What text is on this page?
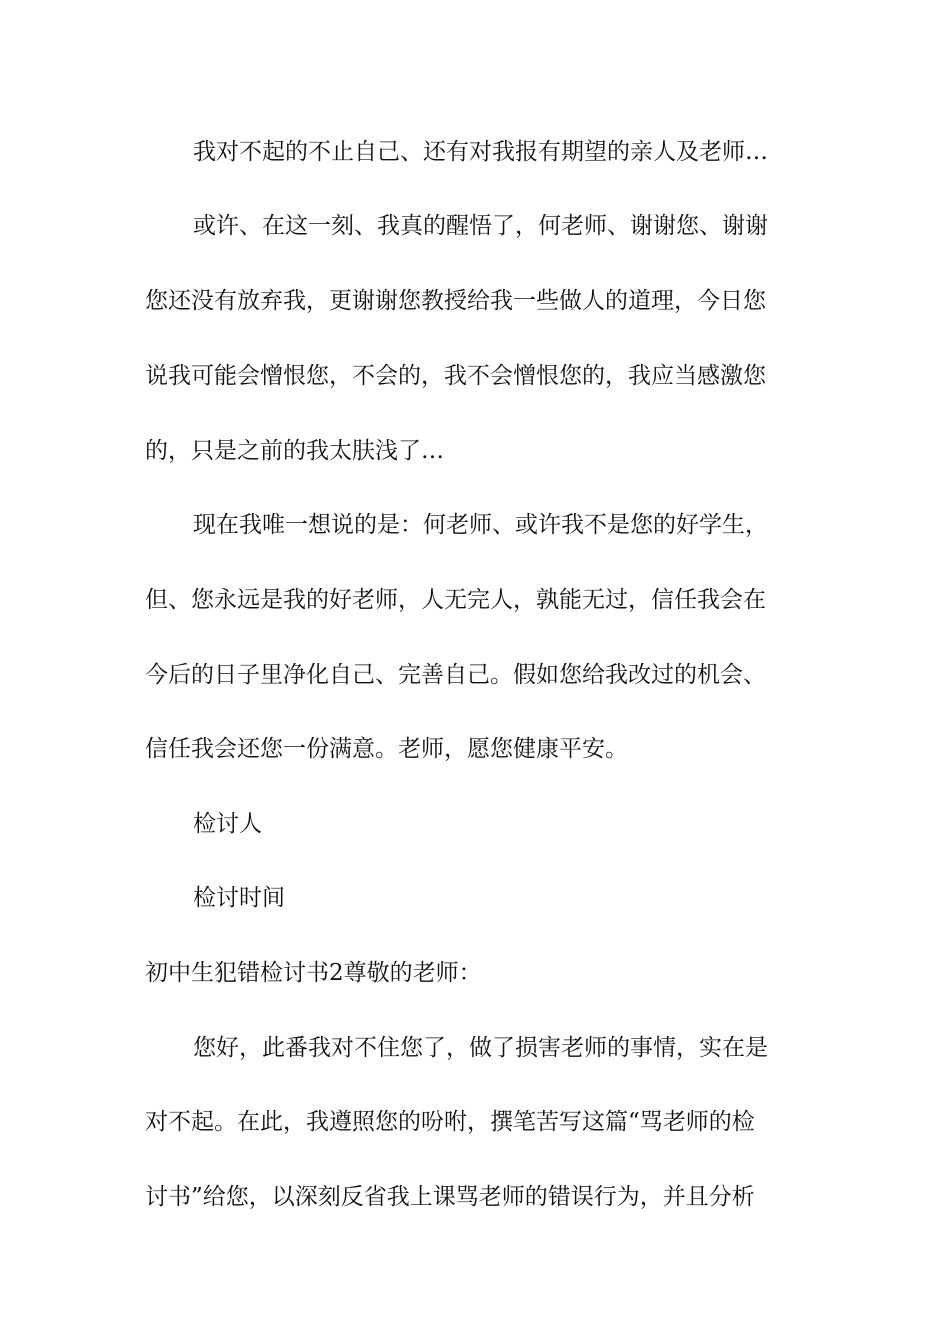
我对不起的不止自己、还有对我报有期望的亲人及老师…
或许、在这一刻、我真的醒悟了，何老师、谢谢您、谢谢
您还没有放弃我，更谢谢您教授给我一些做人的道理，今日您
说我可能会憎恨您，不会的，我不会憎恨您的，我应当感激您
的，只是之前的我太肤浅了…
现在我唯一想说的是：何老师、或许我不是您的好学生，
但、您永远是我的好老师，人无完人，孰能无过，信任我会在
今后的日子里净化自己、完善自己。假如您给我改过的机会、
信任我会还您一份满意。老师，愿您健康平安。
检讨人
检讨时间
初中生犯错检讨书2尊敬的老师：
您好，此番我对不住您了，做了损害老师的事情，实在是
对不起。在此，我遵照您的吩咐，撰笔苦写这篇“骂老师的检
讨书”给您，以深刻反省我上课骂老师的错误行为，并且分析
